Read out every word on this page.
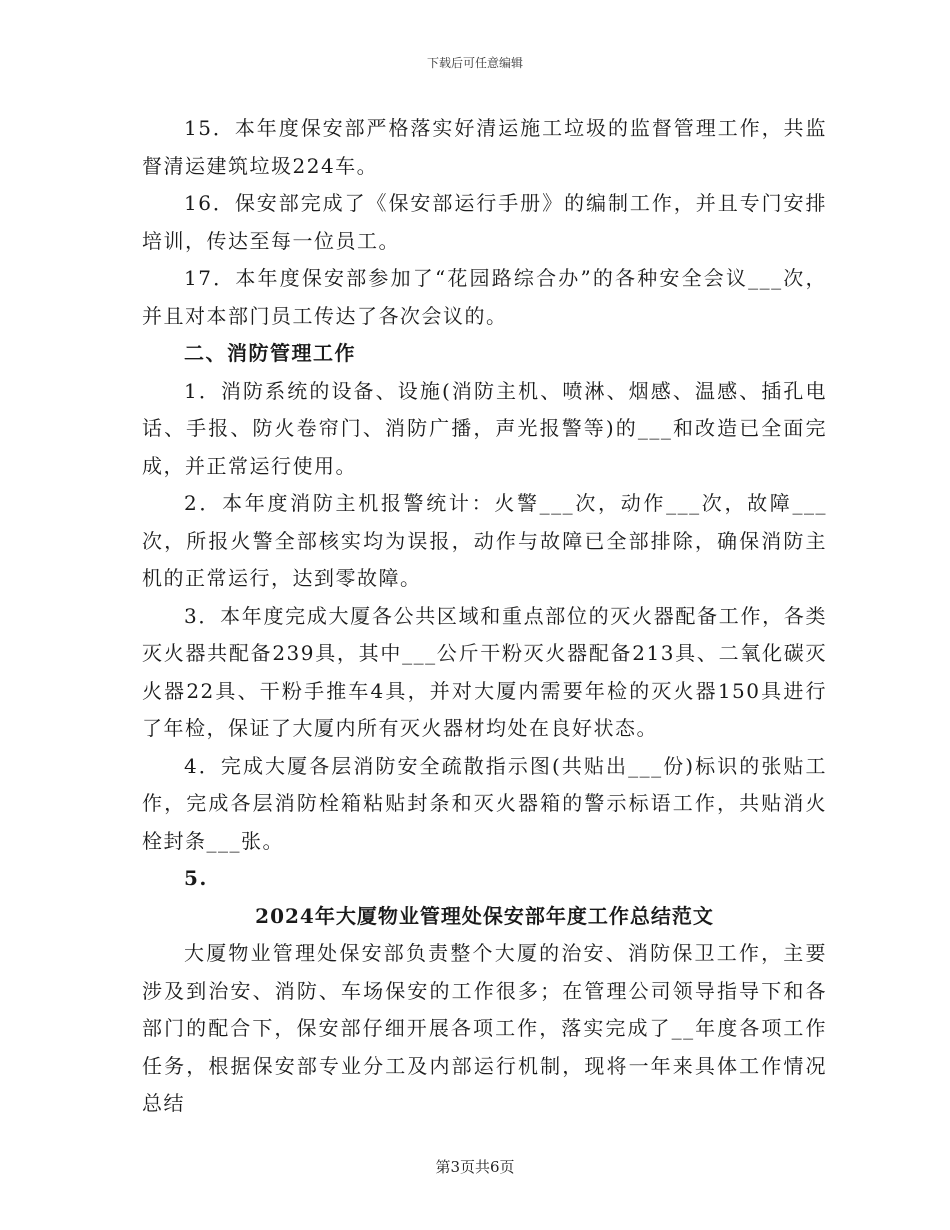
下载后可任意编辑

15．本年度保安部严格落实好清运施工垃圾的监督管理工作，共监督清运建筑垃圾224车。

16．保安部完成了《保安部运行手册》的编制工作，并且专门安排培训，传达至每一位员工。

17．本年度保安部参加了“花园路综合办”的各种安全会议___次，并且对本部门员工传达了各次会议的。

二、消防管理工作

1．消防系统的设备、设施(消防主机、喷淋、烟感、温感、插孔电话、手报、防火卷帘门、消防广播，声光报警等)的___和改造已全面完成，并正常运行使用。

2．本年度消防主机报警统计：火警___次，动作___次，故障___次，所报火警全部核实均为误报，动作与故障已全部排除，确保消防主机的正常运行，达到零故障。

3．本年度完成大厦各公共区域和重点部位的灭火器配备工作，各类灭火器共配备239具，其中___公斤干粉灭火器配备213具、二氧化碳灭火器22具、干粉手推车4具，并对大厦内需要年检的灭火器150具进行了年检，保证了大厦内所有灭火器材均处在良好状态。

4．完成大厦各层消防安全疏散指示图(共贴出___份)标识的张贴工作，完成各层消防栓箱粘贴封条和灭火器箱的警示标语工作，共贴消火栓封条___张。

5.

2024年大厦物业管理处保安部年度工作总结范文

大厦物业管理处保安部负责整个大厦的治安、消防保卫工作，主要涉及到治安、消防、车场保安的工作很多；在管理公司领导指导下和各部门的配合下，保安部仔细开展各项工作，落实完成了__年度各项工作任务，根据保安部专业分工及内部运行机制，现将一年来具体工作情况总结

第3页共6页
